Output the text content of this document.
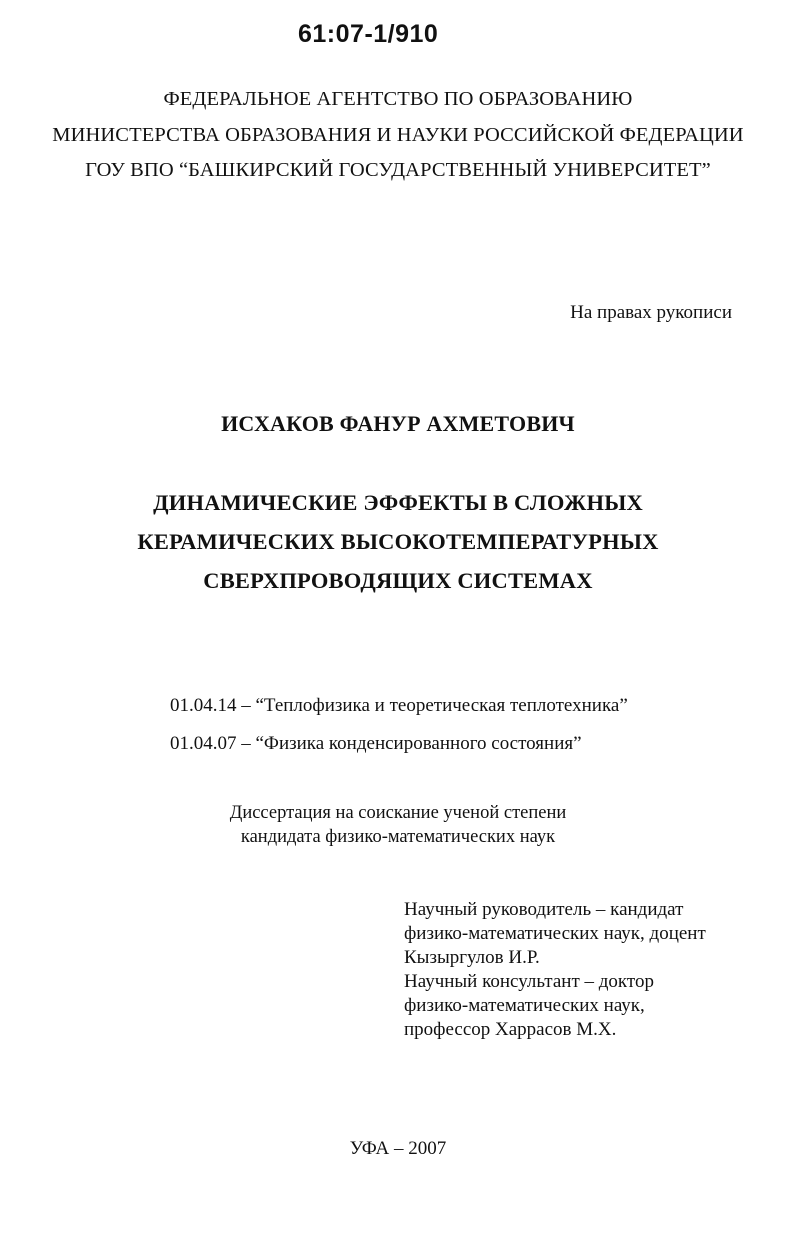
61:07-1/910
ФЕДЕРАЛЬНОЕ АГЕНТСТВО ПО ОБРАЗОВАНИЮ
МИНИСТЕРСТВА ОБРАЗОВАНИЯ И НАУКИ РОССИЙСКОЙ ФЕДЕРАЦИИ
ГОУ ВПО “БАШКИРСКИЙ ГОСУДАРСТВЕННЫЙ УНИВЕРСИТЕТ”
На правах рукописи
ИСХАКОВ ФАНУР АХМЕТОВИЧ
ДИНАМИЧЕСКИЕ ЭФФЕКТЫ В СЛОЖНЫХ
КЕРАМИЧЕСКИХ ВЫСОКОТЕМПЕРАТУРНЫХ
СВЕРХПРОВОДЯЩИХ СИСТЕМАХ
01.04.14 – “Теплофизика и теоретическая теплотехника”
01.04.07 – “Физика конденсированного состояния”
Диссертация на соискание ученой степени
кандидата физико-математических наук
Научный руководитель – кандидат
физико-математических наук, доцент
Кызыргулов И.Р.
Научный консультант – доктор
физико-математических наук,
профессор Харрасов М.Х.
УФА – 2007
